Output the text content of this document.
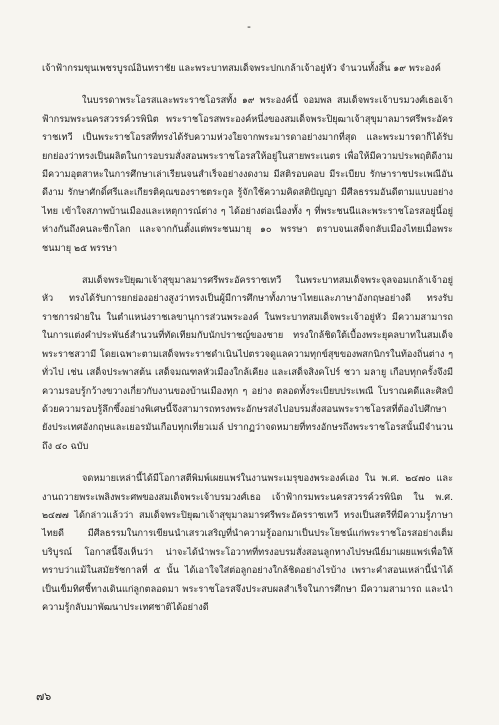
-

เจ้าฟ้ากรมขุนเพชรบูรณ์อินทราชัย และพระบาทสมเด็จพระปกเกล้าเจ้าอยู่หัว จำนวนทั้งสิ้น ๑๙ พระองค์

ในบรรดาพระโอรสและพระราชโอรสทั้ง ๑๙ พระองค์นี้ จอมพล สมเด็จพระเจ้าบรมวงศ์เธอเจ้าฟ้ากรมพระนครสวรรค์วรพินิต พระราชโอรสพระองค์หนึ่งของสมเด็จพระปิยุฒาเจ้าสุขุมาลมารศรีพระอัครราชเทวี เป็นพระราชโอรสที่ทรงได้รับความห่วงใยจากพระมารดาอย่างมากที่สุด และพระมารดาก็ได้รับยกย่องว่าทรงเป็นผลิตในการอบรมสั่งสอนพระราชโอรสให้อยู่ในสายพระเนตร เพื่อให้มีความประพฤติดีงาม มีความอุตสาหะในการศึกษาเล่าเรียนจนสำเร็จอย่างงดงาม มีสติรอบคอบ มีระเบียบ รักษาราชประเพณีอันดีงาม รักษาศักดิ์ศรีและเกียรติคุณของราชตระกูล รู้จักใช้ความคิดสติปัญญา มีศีลธรรมอันดีตามแบบอย่างไทย เข้าใจสภาพบ้านเมืองและเหตุการณ์ต่าง ๆ ได้อย่างต่อเนื่องทั้ง ๆ ที่พระชนนีและพระราชโอรสอยู่นี้อยู่ห่างกันถึงคนละซีกโลก และจากกันตั้งแต่พระชนมายุ ๑๐ พรรษา ตราบจนเสด็จกลับเมืองไทยเมื่อพระชนมายุ ๒๕ พรรษา

สมเด็จพระปิยุฒาเจ้าสุขุมาลมารศรีพระอัครราชเทวี ในพระบาทสมเด็จพระจุลจอมเกล้าเจ้าอยู่หัว ทรงได้รับการยกย่องอย่างสูงว่าทรงเป็นผู้มีการศึกษาทั้งภาษาไทยและภาษาอังกฤษอย่างดี ทรงรับราชการฝ่ายใน ในตำแหน่งราชเลขานุการส่วนพระองค์ ในพระบาทสมเด็จพระเจ้าอยู่หัว มีความสามารถในการแต่งคำประพันธ์สำนวนที่ทัดเทียมกับนักปราชญ์ของชาย ทรงใกล้ชิดใต้เบื้องพระยุคลบาทในสมเด็จพระราชสวามี โดยเฉพาะตามเสด็จพระราชดำเนินไปตรวจดูแลความทุกข์สุขของพสกนิกรในท้องถิ่นต่าง ๆ ทั่วไป เช่น เสด็จประพาสต้น เสด็จมณฑลหัวเมืองใกล้เคียง และเสด็จสิงคโปร์ ชวา มลายู เกือบทุกครั้งจึงมีความรอบรู้กว้างขวางเกี่ยวกับงานของบ้านเมืองทุก ๆ อย่าง ตลอดทั้งระเบียบประเพณี โบราณคดีและศิลป์ ด้วยความรอบรู้ลึกซึ้งอย่างพิเศษนี้จึงสามารถทรงพระอักษรส่งไปอบรมสั่งสอนพระราชโอรสที่ต้องไปศึกษายังประเทศอังกฤษและเยอรมันเกือบทุกเที่ยวเมล์ ปรากฏว่าจดหมายที่ทรงอักษรถึงพระราชโอรสนั้นมีจำนวนถึง ๔๐ ฉบับ

จดหมายเหล่านี้ได้มีโอกาสตีพิมพ์เผยแพร่ในงานพระเมรุของพระองค์เอง ใน พ.ศ. ๒๔๗๐ และงานถวายพระเพลิงพระศพของสมเด็จพระเจ้าบรมวงศ์เธอ เจ้าฟ้ากรมพระนครสวรรค์วรพินิต ใน พ.ศ. ๒๔๗๗ ได้กล่าวแล้วว่า สมเด็จพระปิยุฒาเจ้าสุขุมาลมารศรีพระอัครราชเทวี ทรงเป็นสตรีที่มีความรู้ภาษาไทยดี มีศีลธรรมในการเขียนนำเสรวเสริญที่นำความรู้ออกมาเป็นประโยชน์แก่พระราชโอรสอย่างเต็มบริบูรณ์ โอกาสนี้จึงเห็นว่า น่าจะได้นำพระโอวาทที่ทรงอบรมสั่งสอนลูกทางไปรษณีย์มาเผยแพร่เพื่อให้ทราบว่าแม้ในสมัยรัชกาลที่ ๕ นั้น ได้เอาใจใส่ต่อลูกอย่างใกล้ชิดอย่างไรบ้าง เพราะคำสอนเหล่านี้นำได้เป็นเข็มทิศชี้ทางเดินแก่ลูกตลอดมา พระราชโอรสจึงประสบผลสำเร็จในการศึกษา มีความสามารถ และนำความรู้กลับมาพัฒนาประเทศชาติได้อย่างดี

๗๖
